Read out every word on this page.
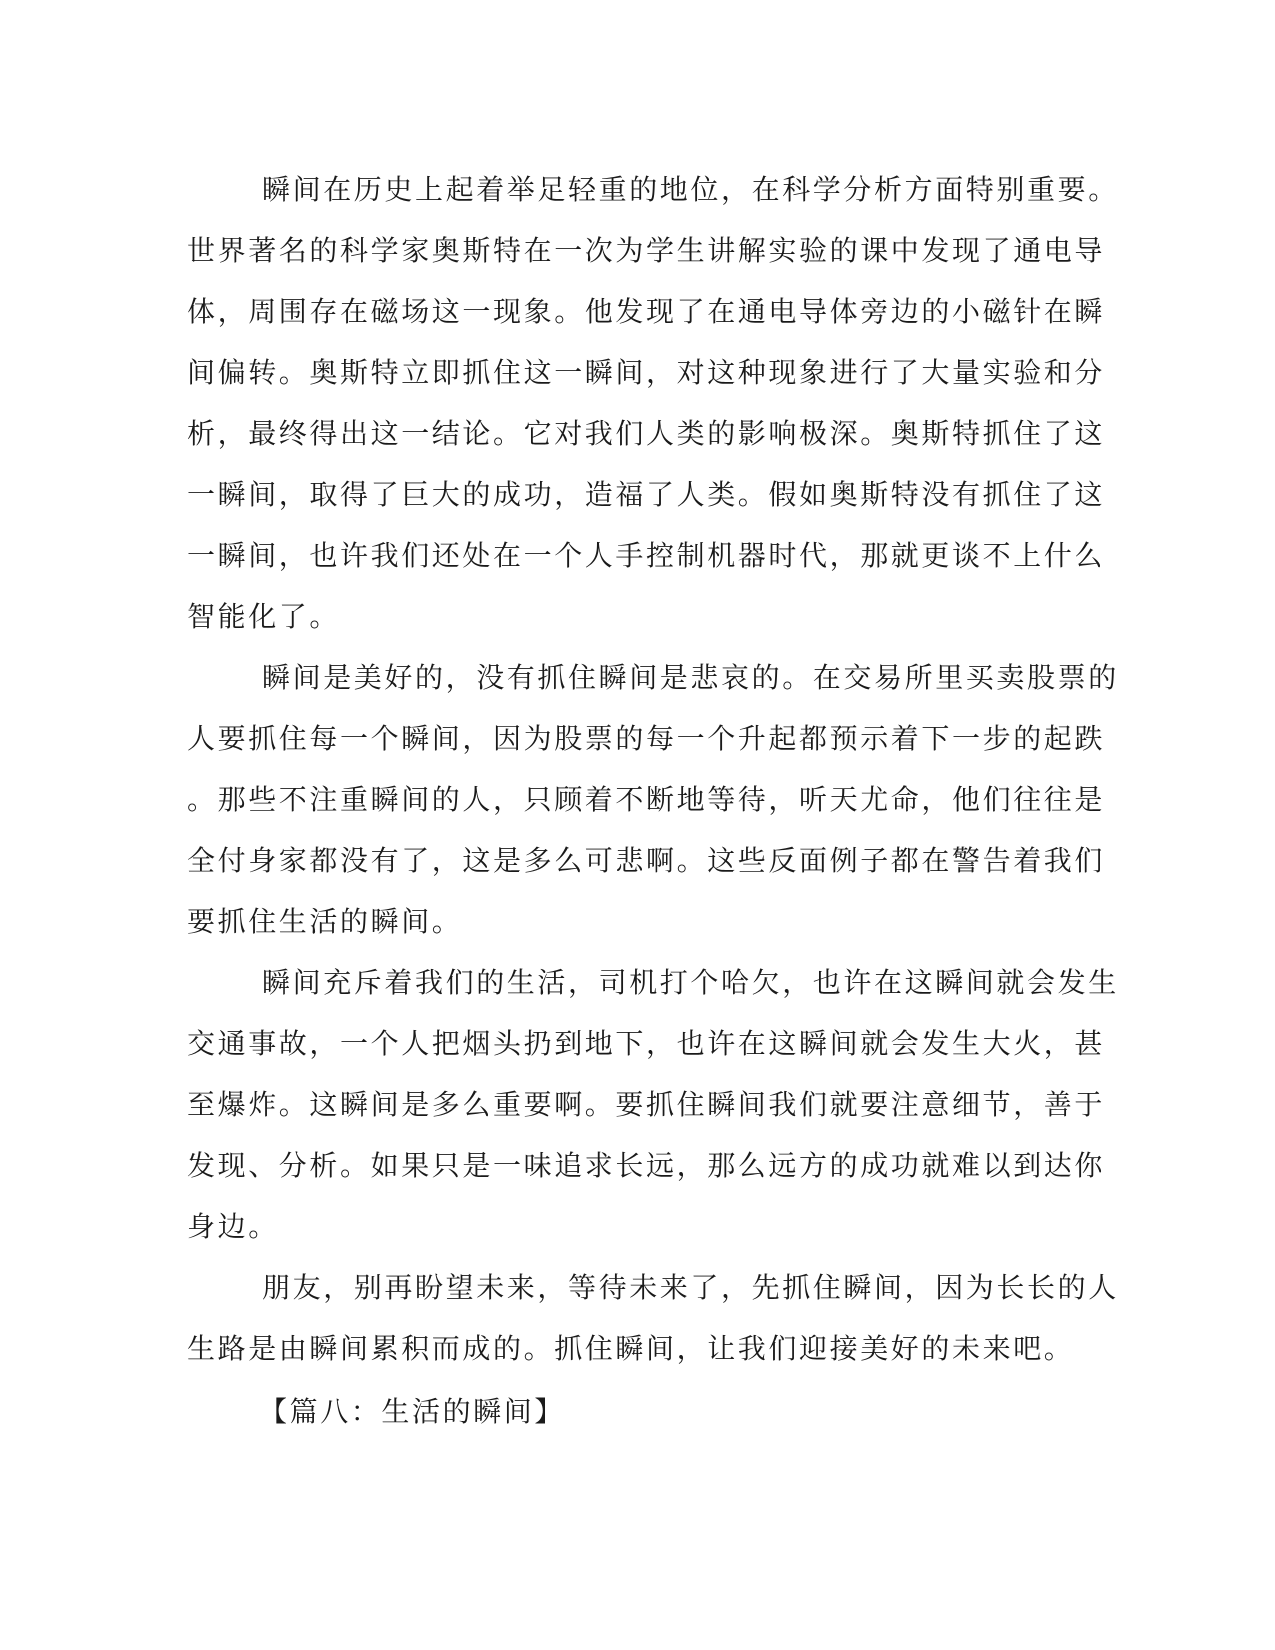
瞬间在历史上起着举足轻重的地位，在科学分析方面特别重要。
世界著名的科学家奥斯特在一次为学生讲解实验的课中发现了通电导
体，周围存在磁场这一现象。他发现了在通电导体旁边的小磁针在瞬
间偏转。奥斯特立即抓住这一瞬间，对这种现象进行了大量实验和分
析，最终得出这一结论。它对我们人类的影响极深。奥斯特抓住了这
一瞬间，取得了巨大的成功，造福了人类。假如奥斯特没有抓住了这
一瞬间，也许我们还处在一个人手控制机器时代，那就更谈不上什么
智能化了。
瞬间是美好的，没有抓住瞬间是悲哀的。在交易所里买卖股票的
人要抓住每一个瞬间，因为股票的每一个升起都预示着下一步的起跌
。那些不注重瞬间的人，只顾着不断地等待，听天尤命，他们往往是
全付身家都没有了，这是多么可悲啊。这些反面例子都在警告着我们
要抓住生活的瞬间。
瞬间充斥着我们的生活，司机打个哈欠，也许在这瞬间就会发生
交通事故，一个人把烟头扔到地下，也许在这瞬间就会发生大火，甚
至爆炸。这瞬间是多么重要啊。要抓住瞬间我们就要注意细节，善于
发现、分析。如果只是一味追求长远，那么远方的成功就难以到达你
身边。
朋友，别再盼望未来，等待未来了，先抓住瞬间，因为长长的人
生路是由瞬间累积而成的。抓住瞬间，让我们迎接美好的未来吧。
【篇八：生活的瞬间】
